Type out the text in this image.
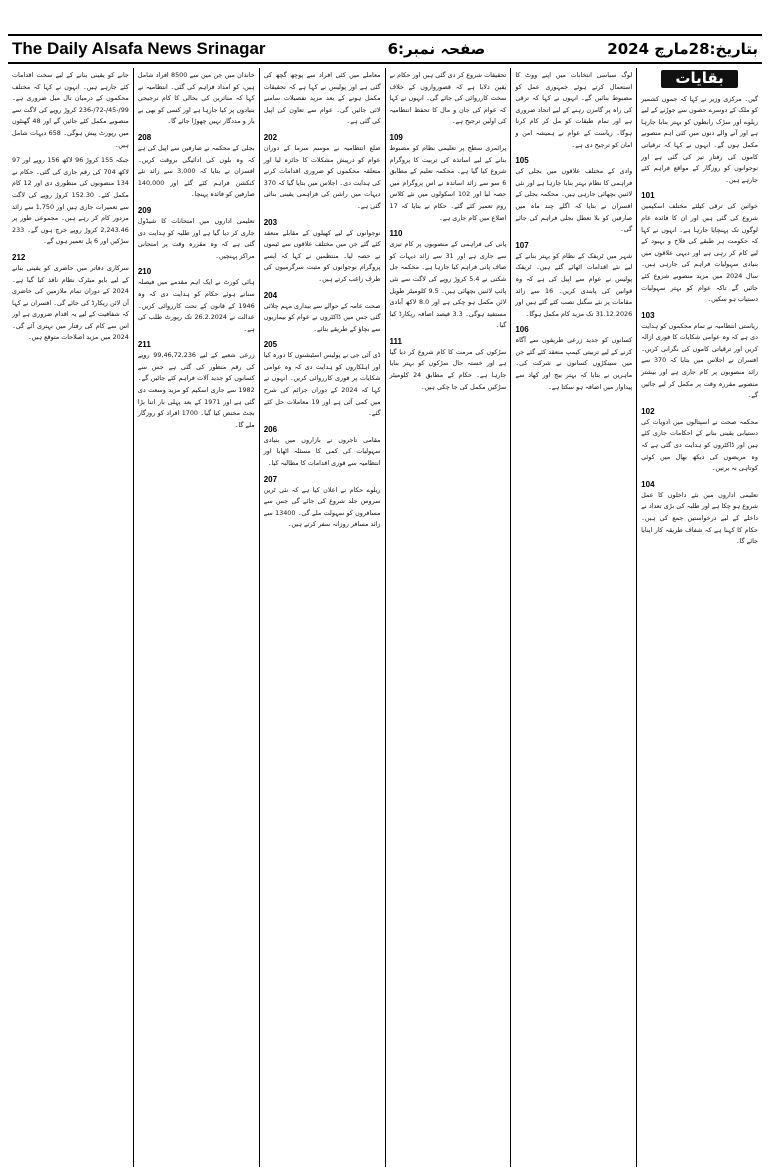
The Daily Alsafa News Srinagar	صفحہ نمبر:6	بتاریخ:28مارچ 2024
بقایات

گیں۔ مرکزی وزیر نے کہا کہ جموں کشمیر کو ملک کے دوسرے حصوں سے جوڑنے کے لیے ریلوے اور سڑک رابطوں کو بہتر بنایا جارہا ہے اور آنے والے دنوں میں کئی اہم منصوبے مکمل ہوں گے۔ انہوں نے کہا کہ ترقیاتی کاموں کی رفتار تیز کی گئی ہے اور نوجوانوں کو روزگار کے مواقع فراہم کئے جارہے ہیں۔

101

خواتین کی ترقی کیلئے مختلف اسکیمیں شروع کی گئی ہیں اور ان کا فائدہ عام لوگوں تک پہنچایا جارہا ہے۔ انہوں نے کہا کہ حکومت ہر طبقے کی فلاح و بہبود کے لیے کام کر رہی ہے اور دیہی علاقوں میں بنیادی سہولیات فراہم کی جارہی ہیں۔ سال 2024 میں مزید منصوبے شروع کئے جائیں گے تاکہ عوام کو بہتر سہولیات دستیاب ہو سکیں۔

103

ریاستی انتظامیہ نے تمام محکموں کو ہدایت دی ہے کہ وہ عوامی شکایات کا فوری ازالہ کریں اور ترقیاتی کاموں کی نگرانی کریں۔ افسران نے اجلاس میں بتایا کہ 370 سے زائد منصوبوں پر کام جاری ہے اور بیشتر منصوبے مقررہ وقت پر مکمل کر لیے جائیں گے۔

102

محکمہ صحت نے اسپتالوں میں ادویات کی دستیابی یقینی بنانے کے احکامات جاری کئے ہیں اور ڈاکٹروں کو ہدایت دی گئی ہے کہ وہ مریضوں کی دیکھ بھال میں کوئی کوتاہی نہ برتیں۔

104

تعلیمی اداروں میں نئے داخلوں کا عمل شروع ہو چکا ہے اور طلبہ کی بڑی تعداد نے داخلے کے لیے درخواستیں جمع کی ہیں۔ حکام کا کہنا ہے کہ شفاف طریقہ کار اپنایا جائے گا۔

لوگ سیاسی انتخابات میں اپنے ووٹ کا استعمال کرتے ہوئے جمہوری عمل کو مضبوط بنائیں گے۔ انہوں نے کہا کہ ترقی کی راہ پر گامزن رہنے کے لیے اتحاد ضروری ہے اور تمام طبقات کو مل کر کام کرنا ہوگا۔ ریاست کے عوام نے ہمیشہ امن و امان کو ترجیح دی ہے۔

105

وادی کے مختلف علاقوں میں بجلی کی فراہمی کا نظام بہتر بنایا جارہا ہے اور نئی لائنیں بچھائی جارہی ہیں۔ محکمہ بجلی کے افسران نے بتایا کہ اگلے چند ماہ میں صارفین کو بلا تعطل بجلی فراہم کی جائے گی۔

107

شہر میں ٹریفک کے نظام کو بہتر بنانے کے لیے نئے اقدامات اٹھائے گئے ہیں۔ ٹریفک پولیس نے عوام سے اپیل کی ہے کہ وہ قوانین کی پابندی کریں۔ 16 سے زائد مقامات پر نئے سگنل نصب کئے گئے ہیں اور 31.12.2026 تک مزید کام مکمل ہوگا۔

106

کسانوں کو جدید زرعی طریقوں سے آگاہ کرنے کے لیے تربیتی کیمپ منعقد کئے گئے جن میں سینکڑوں کسانوں نے شرکت کی۔ ماہرین نے بتایا کہ بہتر بیج اور کھاد سے پیداوار میں اضافہ ہو سکتا ہے۔

تحقیقات شروع کر دی گئی ہیں اور حکام نے یقین دلایا ہے کہ قصورواروں کے خلاف سخت کارروائی کی جائے گی۔ انہوں نے کہا کہ عوام کی جان و مال کا تحفظ انتظامیہ کی اولین ترجیح ہے۔

109

پرائمری سطح پر تعلیمی نظام کو مضبوط بنانے کے لیے اساتذہ کی تربیت کا پروگرام شروع کیا گیا ہے۔ محکمہ تعلیم کے مطابق 6 سو سے زائد اساتذہ نے اس پروگرام میں حصہ لیا اور 102 اسکولوں میں نئے کلاس روم تعمیر کئے گئے۔ حکام نے بتایا کہ 17 اضلاع میں کام جاری ہے۔

110

پانی کی فراہمی کے منصوبوں پر کام تیزی سے جاری ہے اور 31 سے زائد دیہات کو صاف پانی فراہم کیا جارہا ہے۔ محکمہ جل شکتی نے 5.4 کروڑ روپے کی لاگت سے نئی پائپ لائنیں بچھائی ہیں۔ 9.5 کلومیٹر طویل لائن مکمل ہو چکی ہے اور 8.0 لاکھ آبادی مستفید ہوگی۔ 3.3 فیصد اضافہ ریکارڈ کیا گیا۔

111

سڑکوں کی مرمت کا کام شروع کر دیا گیا ہے اور خستہ حال سڑکوں کو بہتر بنایا جارہا ہے۔ حکام کے مطابق 24 کلومیٹر سڑکیں مکمل کی جا چکی ہیں۔

معاملے میں کئی افراد سے پوچھ گچھ کی گئی ہے اور پولیس نے کہا ہے کہ تحقیقات مکمل ہونے کے بعد مزید تفصیلات سامنے لائی جائیں گی۔ عوام سے تعاون کی اپیل کی گئی ہے۔

202

ضلع انتظامیہ نے موسم سرما کے دوران عوام کو درپیش مشکلات کا جائزہ لیا اور متعلقہ محکموں کو ضروری اقدامات کرنے کی ہدایت دی۔ اجلاس میں بتایا گیا کہ 370 دیہات میں راشن کی فراہمی یقینی بنائی گئی ہے۔

203

نوجوانوں کے لیے کھیلوں کے مقابلے منعقد کئے گئے جن میں مختلف علاقوں سے ٹیموں نے حصہ لیا۔ منتظمین نے کہا کہ ایسے پروگرام نوجوانوں کو مثبت سرگرمیوں کی طرف راغب کرتے ہیں۔

204

صحت عامہ کے حوالے سے بیداری مہم چلائی گئی جس میں ڈاکٹروں نے عوام کو بیماریوں سے بچاؤ کے طریقے بتائے۔

205

ڈی آئی جی نے پولیس اسٹیشنوں کا دورہ کیا اور اہلکاروں کو ہدایت دی کہ وہ عوامی شکایات پر فوری کارروائی کریں۔ انہوں نے کہا کہ 2024 کے دوران جرائم کی شرح میں کمی آئی ہے اور 19 معاملات حل کئے گئے۔

206

مقامی تاجروں نے بازاروں میں بنیادی سہولیات کی کمی کا مسئلہ اٹھایا اور انتظامیہ سے فوری اقدامات کا مطالبہ کیا۔

207

ریلوے حکام نے اعلان کیا ہے کہ نئی ٹرین سروس جلد شروع کی جائے گی جس سے مسافروں کو سہولت ملے گی۔ 13400 سے زائد مسافر روزانہ سفر کرتے ہیں۔

خاندان میں جن میں سے 8500 افراد شامل ہیں، کو امداد فراہم کی گئی۔ انتظامیہ نے کہا کہ متاثرین کی بحالی کا کام ترجیحی بنیادوں پر کیا جارہا ہے اور کسی کو بھی بے یار و مددگار نہیں چھوڑا جائے گا۔

208

بجلی کے محکمہ نے صارفین سے اپیل کی ہے کہ وہ بلوں کی ادائیگی بروقت کریں۔ افسران نے بتایا کہ 3,000 سے زائد نئے کنکشن فراہم کئے گئے اور 140,000 صارفین کو فائدہ پہنچا۔

209

تعلیمی اداروں میں امتحانات کا شیڈول جاری کر دیا گیا ہے اور طلبہ کو ہدایت دی گئی ہے کہ وہ مقررہ وقت پر امتحانی مراکز پہنچیں۔

210

ہائی کورٹ نے ایک اہم مقدمے میں فیصلہ سناتے ہوئے حکام کو ہدایت دی کہ وہ 1946 کے قانون کے تحت کارروائی کریں۔ عدالت نے 26.2.2024 تک رپورٹ طلب کی ہے۔

211

زرعی شعبے کے لیے 99,46,72,236 روپے کی رقم منظور کی گئی ہے جس سے کسانوں کو جدید آلات فراہم کئے جائیں گے۔ 1982 سے جاری اسکیم کو مزید وسعت دی گئی ہے اور 1971 کے بعد پہلی بار اتنا بڑا بجٹ مختص کیا گیا۔ 1700 افراد کو روزگار ملے گا۔

جانے کو یقینی بنانے کے لیے سخت اقدامات کئے جارہے ہیں۔ انہوں نے کہا کہ مختلف محکموں کے درمیان تال میل ضروری ہے۔ 99/-45/-72/-236 کروڑ روپے کی لاگت سے منصوبے مکمل کئے جائیں گے اور 48 گھنٹوں میں رپورٹ پیش ہوگی۔ 658 دیہات شامل ہیں۔

جبکہ 155 کروڑ 96 لاکھ 156 روپے اور 97 لاکھ 704 کی رقم جاری کی گئی۔ حکام نے 134 منصوبوں کی منظوری دی اور 12 کام مکمل کئے۔ 152.30 کروڑ روپے کی لاگت سے تعمیرات جاری ہیں اور 1,750 سے زائد مزدور کام کر رہے ہیں۔ مجموعی طور پر 2,243.46 کروڑ روپے خرچ ہوں گے۔ 233 سڑکیں اور 6 پل تعمیر ہوں گے۔

212

سرکاری دفاتر میں حاضری کو یقینی بنانے کے لیے بایو میٹرک نظام نافذ کیا گیا ہے۔ 2024 کے دوران تمام ملازمین کی حاضری آن لائن ریکارڈ کی جائے گی۔ افسران نے کہا کہ شفافیت کے لیے یہ اقدام ضروری ہے اور اس سے کام کی رفتار میں بہتری آئے گی۔ 2024 میں مزید اصلاحات متوقع ہیں۔
